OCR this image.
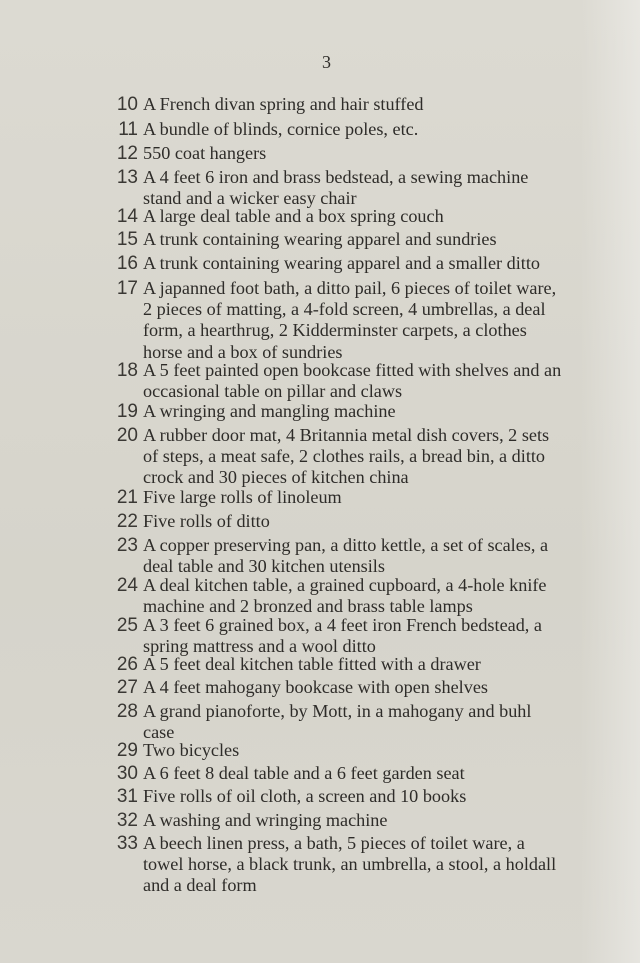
3
10 A French divan spring and hair stuffed
11 A bundle of blinds, cornice poles, etc.
12 550 coat hangers
13 A 4 feet 6 iron and brass bedstead, a sewing machine stand and a wicker easy chair
14 A large deal table and a box spring couch
15 A trunk containing wearing apparel and sundries
16 A trunk containing wearing apparel and a smaller ditto
17 A japanned foot bath, a ditto pail, 6 pieces of toilet ware, 2 pieces of matting, a 4-fold screen, 4 umbrellas, a deal form, a hearthrug, 2 Kidderminster carpets, a clothes horse and a box of sundries
18 A 5 feet painted open bookcase fitted with shelves and an occasional table on pillar and claws
19 A wringing and mangling machine
20 A rubber door mat, 4 Britannia metal dish covers, 2 sets of steps, a meat safe, 2 clothes rails, a bread bin, a ditto crock and 30 pieces of kitchen china
21 Five large rolls of linoleum
22 Five rolls of ditto
23 A copper preserving pan, a ditto kettle, a set of scales, a deal table and 30 kitchen utensils
24 A deal kitchen table, a grained cupboard, a 4-hole knife machine and 2 bronzed and brass table lamps
25 A 3 feet 6 grained box, a 4 feet iron French bedstead, a spring mattress and a wool ditto
26 A 5 feet deal kitchen table fitted with a drawer
27 A 4 feet mahogany bookcase with open shelves
28 A grand pianoforte, by Mott, in a mahogany and buhl case
29 Two bicycles
30 A 6 feet 8 deal table and a 6 feet garden seat
31 Five rolls of oil cloth, a screen and 10 books
32 A washing and wringing machine
33 A beech linen press, a bath, 5 pieces of toilet ware, a towel horse, a black trunk, an umbrella, a stool, a holdall and a deal form
